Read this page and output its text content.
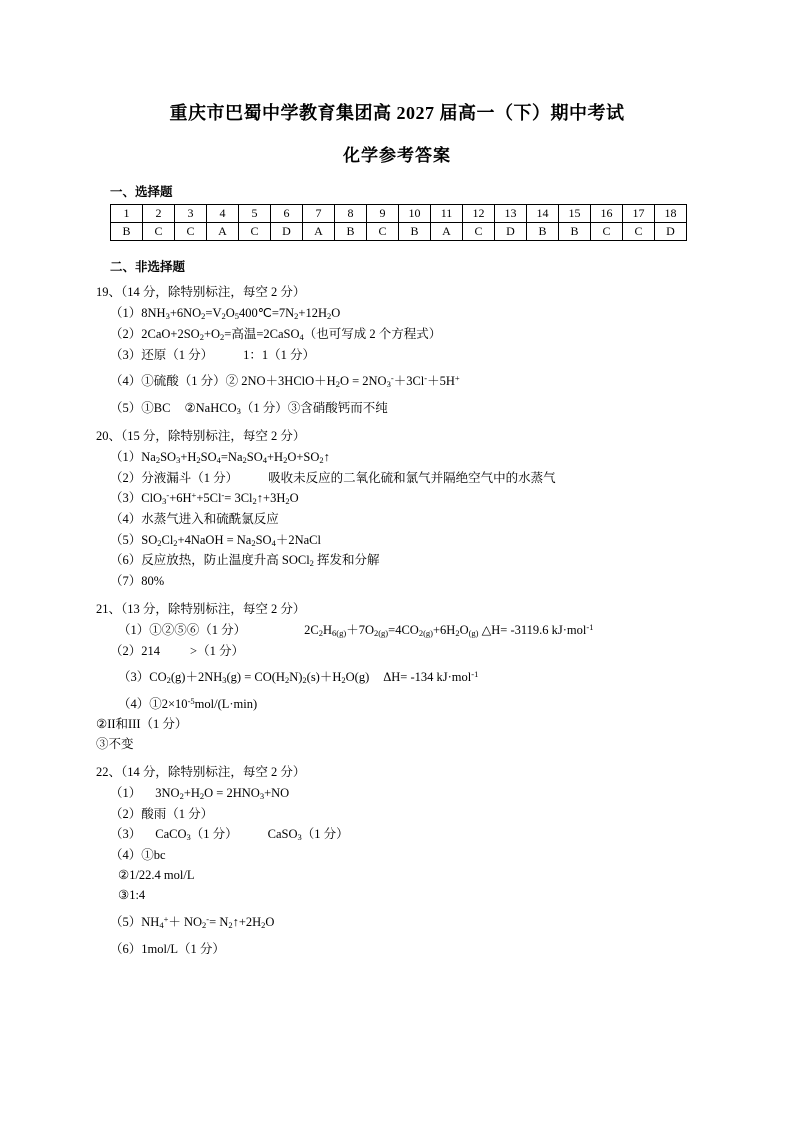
重庆市巴蜀中学教育集团高 2027 届高一（下）期中考试
化学参考答案
一、选择题
1	2	3	4	5	6	7	8	9	10	11	12	13	14	15	16	17	18
B	C	C	A	C	D	A	B	C	B	A	C	D	B	B	C	C	D
二、非选择题
19、（14 分，除特别标注，每空 2 分）
$(1)8NH_3+6NO_2=V_2O_5400℃=7N_2+12H_2O$
$(2)2CaO+2SO_2+O_2=$高温=2CaSO$_4$（也可写成 2 个方程式）
（3）还原（1 分） 1：1（1 分）
（4）①硫酸（1 分）② $2NO+3HClO+H_2O = 2NO_3^-+3Cl^-+5H^+$
（5）①BC ②NaHCO$_3$（1 分）③含硝酸钙而不纯
20、（15 分，除特别标注，每空 2 分）
$(1)Na_2SO_3+H_2SO_4=Na_2SO_4+H_2O+SO_2↑$
（2）分液漏斗（1 分） 吸收未反应的二氧化硫和氯气并隔绝空气中的水蒸气
$(3)ClO_3^-+6H^++5Cl^-= 3Cl_2↑+3H_2O$
（4）水蒸气进入和硫酰氯反应
$(5)SO_2Cl_2+4NaOH$ = $Na_2SO_4+2NaCl$
（6）反应放热，防止温度升高 SOCl$_2$ 挥发和分解
（7）80%
21、（13 分，除特别标注，每空 2 分）
（1）①②⑤⑥（1 分）	$2C_2H_{6(g)}+7O_{2(g)}=4CO_{2(g)}+6H_2O_{(g)}$ △H= -3119.6 kJ·mol$^{-1}$
（2）214 >（1 分）
$(3)CO_2(g)+2NH_3(g) = CO(H_2N)_2(s)+H_2O(g)$ ΔH= -134 kJ·mol$^{-1}$
$(4)①2\times 10^{-5}mol/(L\cdot\min)$
②II和III（1 分）
③不变
22、（14 分，除特别标注，每空 2 分）
（1） $3NO_2+H_2O = 2HNO_3+NO$
（2）酸雨（1 分）
（3） CaCO$_3$（1 分） CaSO$_3$（1 分）
（4）①bc
②1/22.4 mol/L
③1:4
$(5)NH_4^++ NO_2^-=$ $N_2↑+2H_2O$
（6）1mol/L（1 分）
